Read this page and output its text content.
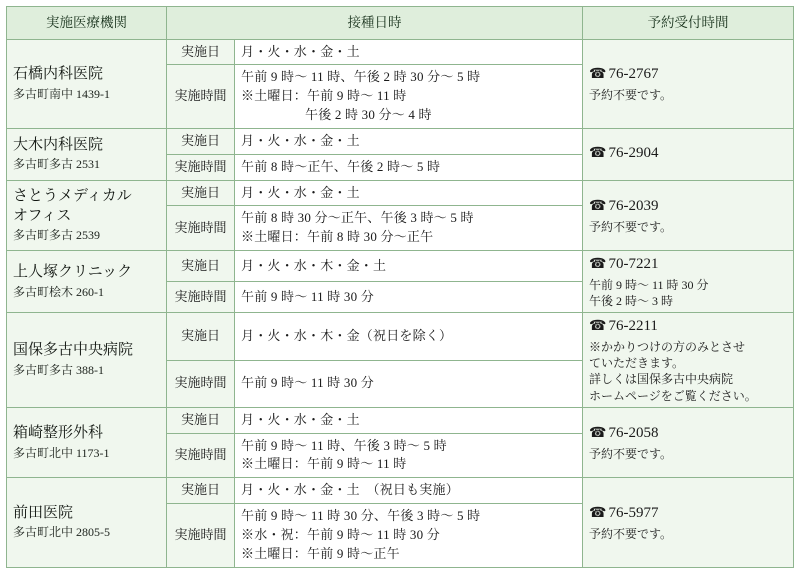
実施医療機関	接種日時		予約受付時間

石橋内科医院
多古町南中 1439-1	実施日	月・火・水・金・土	☎ 76-2767
予約不要です。

	実施時間	午前 9 時～ 11 時、午後 2 時 30 分～ 5 時
※土曜日：午前 9 時～ 11 時
午後 2 時 30 分～ 4 時	

大木内科医院
多古町多古 2531	実施日	月・火・水・金・土	☎ 76-2904

	実施時間	午前 8 時～正午、午後 2 時～ 5 時	

さとうメディカル
オフィス
多古町多古 2539	実施日	月・火・水・金・土	☎ 76-2039
予約不要です。

	実施時間	午前 8 時 30 分～正午、午後 3 時～ 5 時
※土曜日：午前 8 時 30 分～正午	

上人塚クリニック
多古町桧木 260-1	実施日	月・火・水・木・金・土	☎ 70-7221
午前 9 時～ 11 時 30 分
午後 2 時～ 3 時

	実施時間	午前 9 時～ 11 時 30 分	

国保多古中央病院
多古町多古 388-1	実施日	月・火・水・木・金（祝日を除く）	☎ 76-2211
※かかりつけの方のみとさせ
ていただきます。
詳しくは国保多古中央病院
ホームページをご覧ください。

	実施時間	午前 9 時～ 11 時 30 分	

箱崎整形外科
多古町北中 1173-1	実施日	月・火・水・金・土	☎ 76-2058
予約不要です。

	実施時間	午前 9 時～ 11 時、午後 3 時～ 5 時
※土曜日：午前 9 時～ 11 時	

前田医院
多古町北中 2805-5	実施日	月・火・水・金・土　（祝日も実施）	☎ 76-5977
予約不要です。

	実施時間	午前 9 時～ 11 時 30 分、午後 3 時～ 5 時
※水・祝：午前 9 時～ 11 時 30 分
※土曜日：午前 9 時～正午	
